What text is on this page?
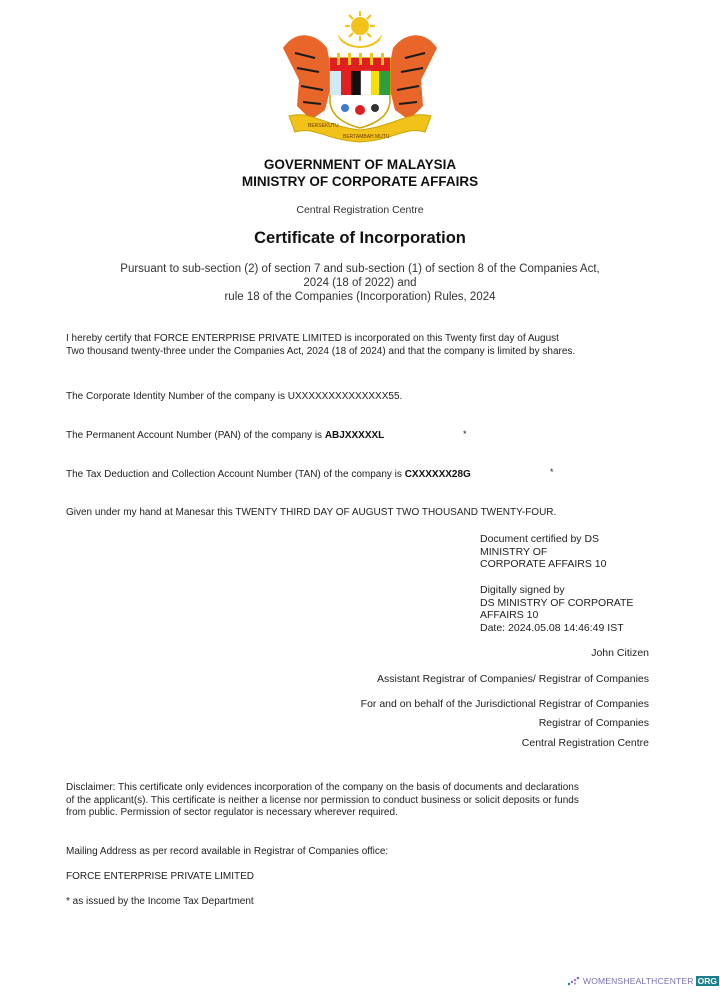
BERSEKUTU
BERTAMBAH MUTU
GOVERNMENT OF MALAYSIA
MINISTRY OF CORPORATE AFFAIRS
Central Registration Centre
Certificate of Incorporation
Pursuant to sub-section (2) of section 7 and sub-section (1) of section 8 of the Companies Act,
2024 (18 of 2022) and
rule 18 of the Companies (Incorporation) Rules, 2024
I hereby certify that FORCE ENTERPRISE PRIVATE LIMITED is incorporated on this Twenty first day of August
Two thousand twenty-three under the Companies Act, 2024 (18 of 2024) and that the company is limited by shares.
The Corporate Identity Number of the company is UXXXXXXXXXXXXXX55.
The Permanent Account Number (PAN) of the company is ABJXXXXXL	*
The Tax Deduction and Collection Account Number (TAN) of the company is CXXXXXX28G	*
Given under my hand at Manesar this TWENTY THIRD DAY OF AUGUST TWO THOUSAND TWENTY-FOUR.
Document certified by DS
MINISTRY OF
CORPORATE AFFAIRS 10
Digitally signed by
DS MINISTRY OF CORPORATE
AFFAIRS 10
Date: 2024.05.08 14:46:49 IST
John Citizen
Assistant Registrar of Companies/ Registrar of Companies
For and on behalf of the Jurisdictional Registrar of Companies
Registrar of Companies
Central Registration Centre
Disclaimer: This certificate only evidences incorporation of the company on the basis of documents and declarations
of the applicant(s). This certificate is neither a license nor permission to conduct business or solicit deposits or funds
from public. Permission of sector regulator is necessary wherever required.
Mailing Address as per record available in Registrar of Companies office:
FORCE ENTERPRISE PRIVATE LIMITED
* as issued by the Income Tax Department
WOMENSHEALTHCENTER ORG
